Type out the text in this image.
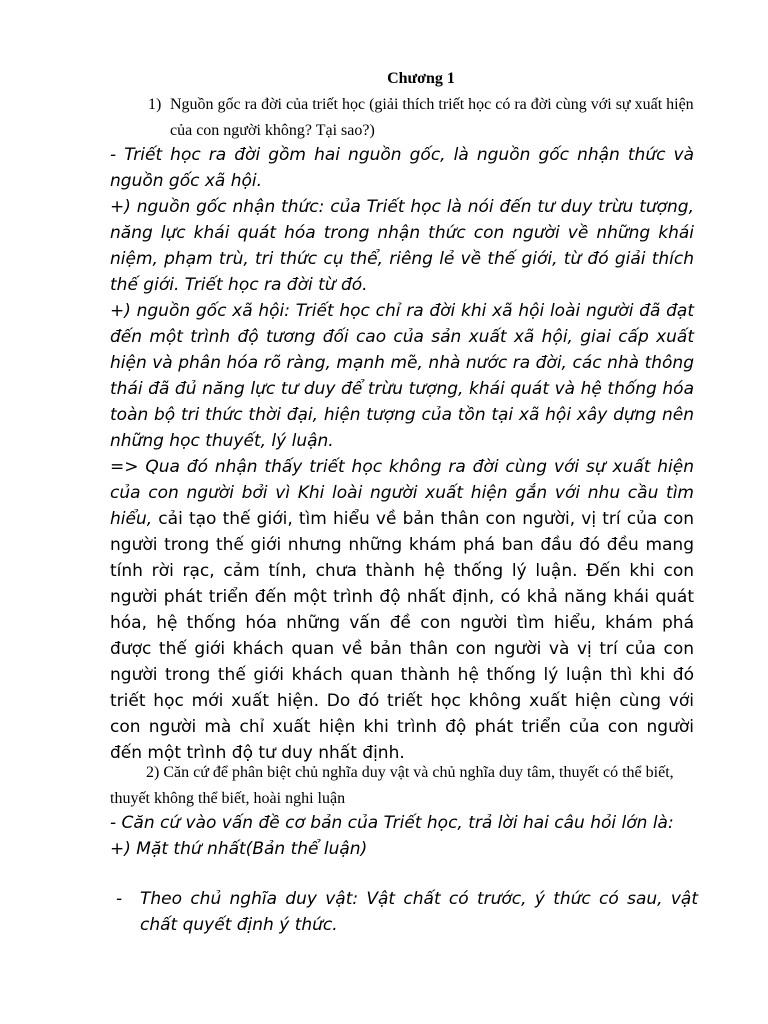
Chương 1
1) Nguồn gốc ra đời của triết học (giải thích triết học có ra đời cùng với sự xuất hiện của con người không? Tại sao?)

- Triết học ra đời gồm hai nguồn gốc, là nguồn gốc nhận thức và nguồn gốc xã hội.

+) nguồn gốc nhận thức: của Triết học là nói đến tư duy trừu tượng, năng lực khái quát hóa trong nhận thức con người về những khái niệm, phạm trù, tri thức cụ thể, riêng lẻ về thế giới, từ đó giải thích thế giới. Triết học ra đời từ đó.

+) nguồn gốc xã hội: Triết học chỉ ra đời khi xã hội loài người đã đạt đến một trình độ tương đối cao của sản xuất xã hội, giai cấp xuất hiện và phân hóa rõ ràng, mạnh mẽ, nhà nước ra đời, các nhà thông thái đã đủ năng lực tư duy để trừu tượng, khái quát và hệ thống hóa toàn bộ tri thức thời đại, hiện tượng của tồn tại xã hội xây dựng nên những học thuyết, lý luận.

=> Qua đó nhận thấy triết học không ra đời cùng với sự xuất hiện của con người bởi vì Khi loài người xuất hiện gắn với nhu cầu tìm hiểu, cải tạo thế giới, tìm hiểu về bản thân con người, vị trí của con người trong thế giới nhưng những khám phá ban đầu đó đều mang tính rời rạc, cảm tính, chưa thành hệ thống lý luận. Đến khi con người phát triển đến một trình độ nhất định, có khả năng khái quát hóa, hệ thống hóa những vấn đề con người tìm hiểu, khám phá được thế giới khách quan về bản thân con người và vị trí của con người trong thế giới khách quan thành hệ thống lý luận thì khi đó triết học mới xuất hiện. Do đó triết học không xuất hiện cùng với con người mà chỉ xuất hiện khi trình độ phát triển của con người đến một trình độ tư duy nhất định.

2) Căn cứ để phân biệt chủ nghĩa duy vật và chủ nghĩa duy tâm, thuyết có thể biết, thuyết không thể biết, hoài nghi luận

- Căn cứ vào vấn đề cơ bản của Triết học, trả lời hai câu hỏi lớn là:

+) Mặt thứ nhất(Bản thể luận)

- Theo chủ nghĩa duy vật: Vật chất có trước, ý thức có sau, vật chất quyết định ý thức.
